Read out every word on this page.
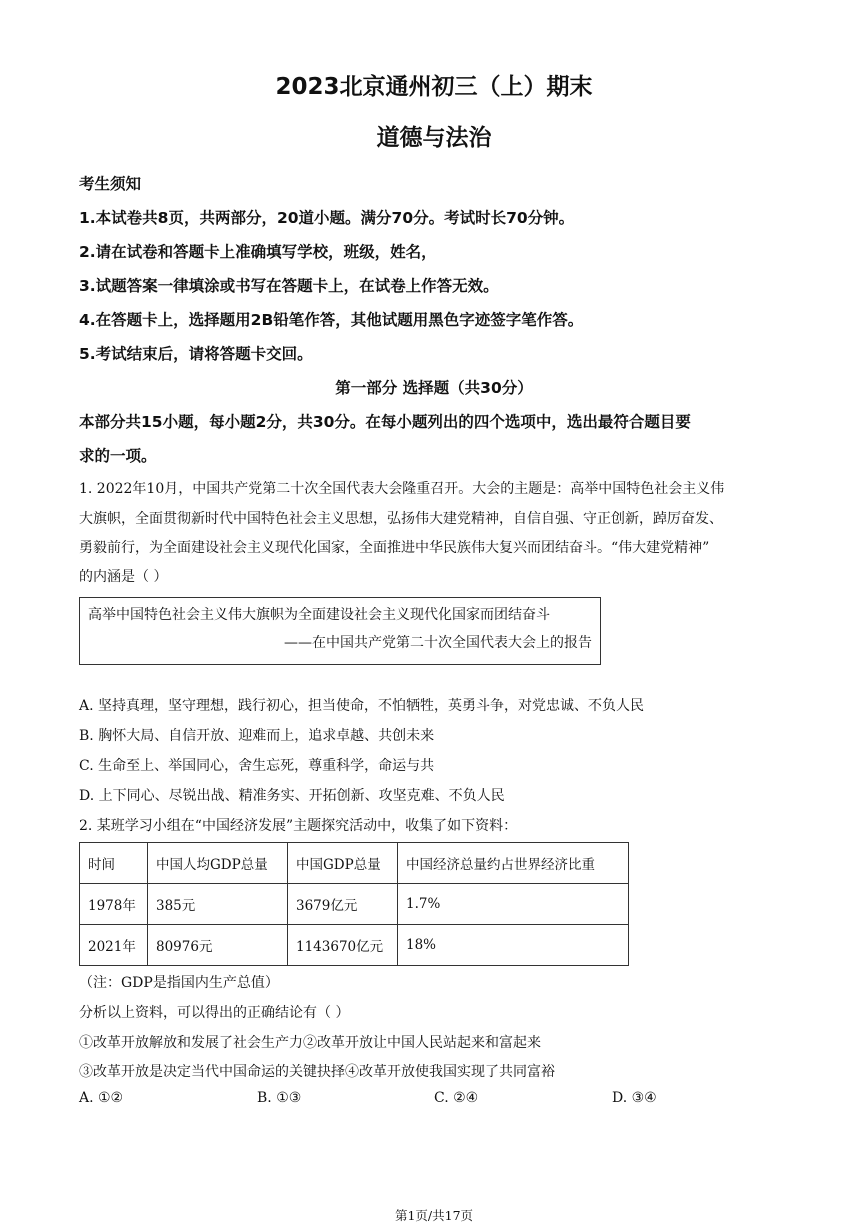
2023北京通州初三（上）期末
道德与法治
考生须知
1.本试卷共8页，共两部分，20道小题。满分70分。考试时长70分钟。
2.请在试卷和答题卡上准确填写学校，班级，姓名，
3.试题答案一律填涂或书写在答题卡上，在试卷上作答无效。
4.在答题卡上，选择题用2B铅笔作答，其他试题用黑色字迹签字笔作答。
5.考试结束后，请将答题卡交回。
第一部分 选择题（共30分）
本部分共15小题，每小题2分，共30分。在每小题列出的四个选项中，选出最符合题目要
求的一项。
1. 2022年10月，中国共产党第二十次全国代表大会隆重召开。大会的主题是：高举中国特色社会主义伟
大旗帜，全面贯彻新时代中国特色社会主义思想，弘扬伟大建党精神，自信自强、守正创新，踔厉奋发、
勇毅前行，为全面建设社会主义现代化国家，全面推进中华民族伟大复兴而团结奋斗。“伟大建党精神”
的内涵是（ ）
高举中国特色社会主义伟大旗帜为全面建设社会主义现代化国家而团结奋斗
——在中国共产党第二十次全国代表大会上的报告
A. 坚持真理，坚守理想，践行初心，担当使命，不怕牺牲，英勇斗争，对党忠诚、不负人民
B. 胸怀大局、自信开放、迎难而上，追求卓越、共创未来
C. 生命至上、举国同心，舍生忘死，尊重科学，命运与共
D. 上下同心、尽锐出战、精准务实、开拓创新、攻坚克难、不负人民
2. 某班学习小组在“中国经济发展”主题探究活动中，收集了如下资料：
时间	中国人均GDP总量	中国GDP总量	中国经济总量约占世界经济比重
1978年	385元	3679亿元	1.7%
2021年	80976元	1143670亿元	18%
（注：GDP是指国内生产总值）
分析以上资料，可以得出的正确结论有（ ）
①改革开放解放和发展了社会生产力②改革开放让中国人民站起来和富起来
③改革开放是决定当代中国命运的关键抉择④改革开放使我国实现了共同富裕
A. ①②	B. ①③	C. ②④	D. ③④
第1页/共17页
